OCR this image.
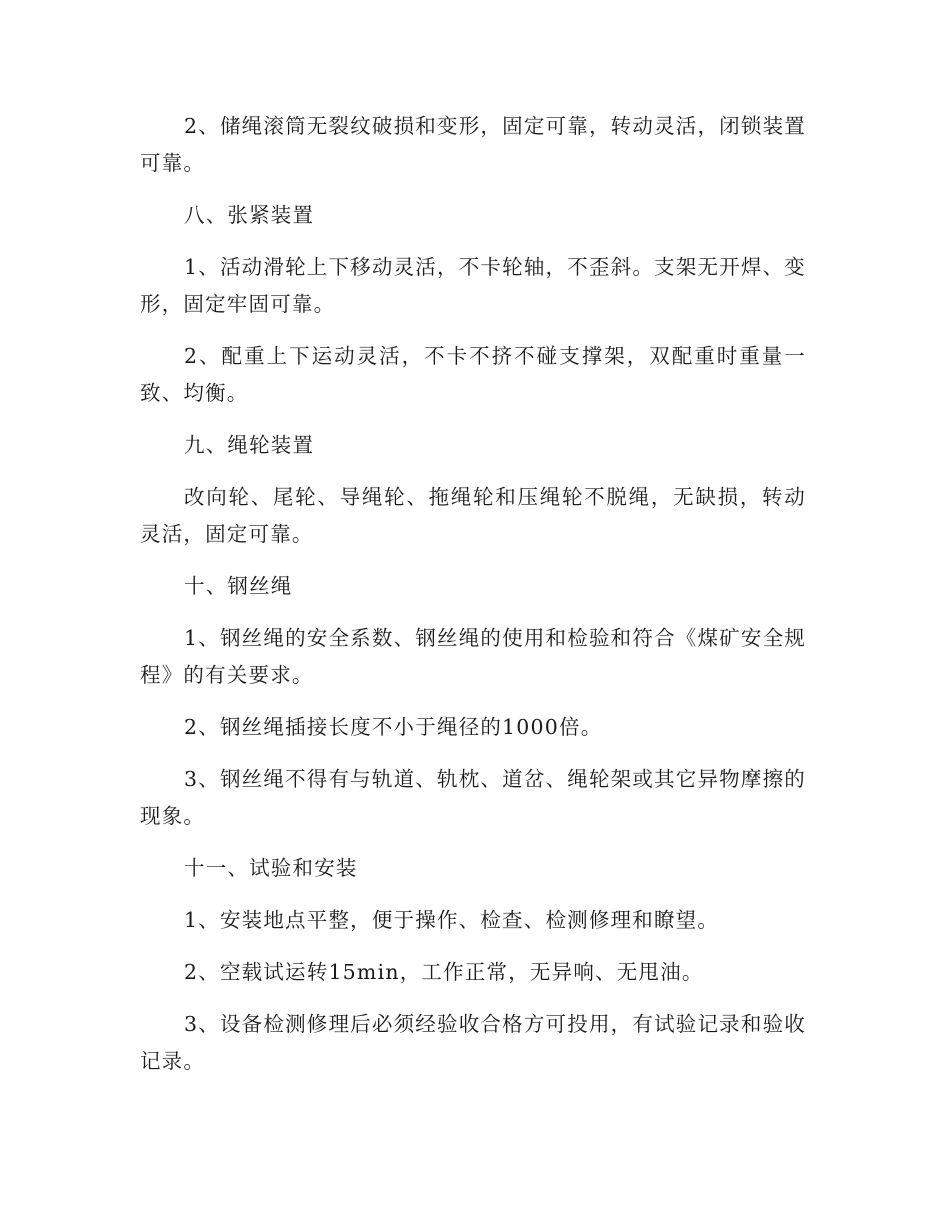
2、储绳滚筒无裂纹破损和变形，固定可靠，转动灵活，闭锁装置可靠。

八、张紧装置

1、活动滑轮上下移动灵活，不卡轮轴，不歪斜。支架无开焊、变形，固定牢固可靠。

2、配重上下运动灵活，不卡不挤不碰支撑架，双配重时重量一致、均衡。

九、绳轮装置

改向轮、尾轮、导绳轮、拖绳轮和压绳轮不脱绳，无缺损，转动灵活，固定可靠。

十、钢丝绳

1、钢丝绳的安全系数、钢丝绳的使用和检验和符合《煤矿安全规程》的有关要求。

2、钢丝绳插接长度不小于绳径的1000倍。

3、钢丝绳不得有与轨道、轨枕、道岔、绳轮架或其它异物摩擦的现象。

十一、试验和安装

1、安装地点平整，便于操作、检查、检测修理和瞭望。

2、空载试运转15min，工作正常，无异响、无甩油。

3、设备检测修理后必须经验收合格方可投用，有试验记录和验收记录。
